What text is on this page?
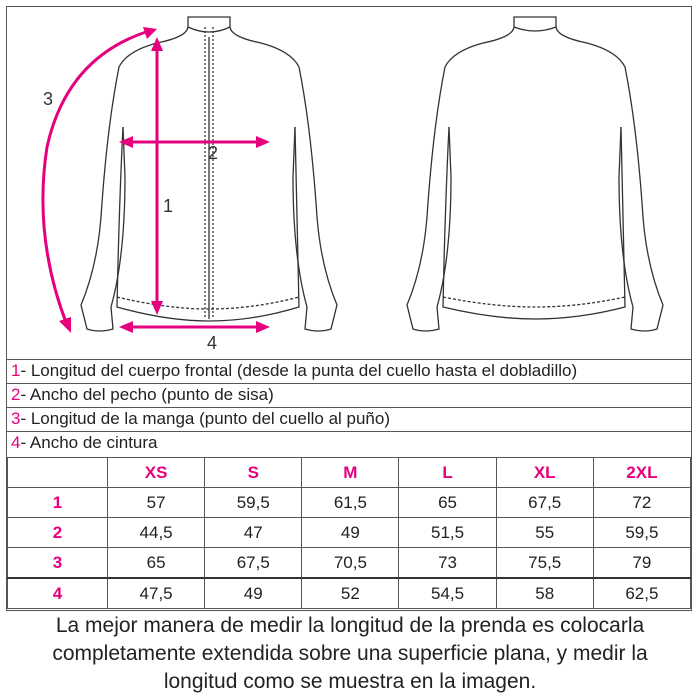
1
2
3
4
1- Longitud del cuerpo frontal (desde la punta del cuello hasta el dobladillo)
2- Ancho del pecho (punto de sisa)
3- Longitud de la manga (punto del cuello al puño)
4- Ancho de cintura
	XS	S	M	L	XL	2XL
1	57	59,5	61,5	65	67,5	72
2	44,5	47	49	51,5	55	59,5
3	65	67,5	70,5	73	75,5	79
4	47,5	49	52	54,5	58	62,5
La mejor manera de medir la longitud de la prenda es colocarla
completamente extendida sobre una superficie plana, y medir la
longitud como se muestra en la imagen.
